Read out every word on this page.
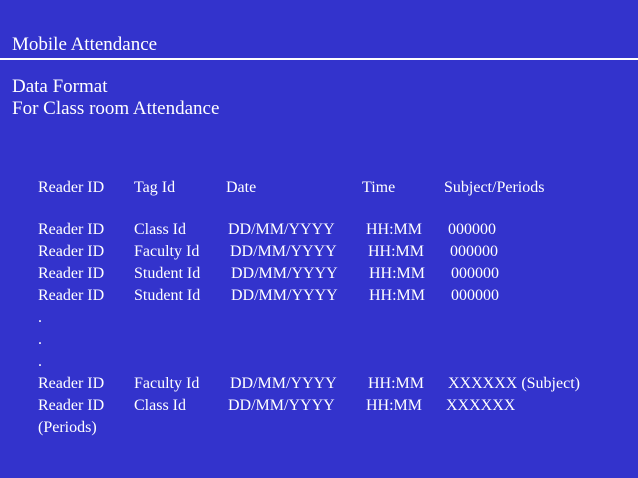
Mobile Attendance
Data Format
For Class room Attendance
Reader ID Tag Id	Date	Time	Subject/Periods
Reader ID Class Id	DD/MM/YYYY HH:MM 000000
Reader ID Faculty Id DD/MM/YYYY HH:MM 000000
Reader ID Student Id DD/MM/YYYY HH:MM 000000
Reader ID Student Id DD/MM/YYYY HH:MM 000000
.
.
.
Reader ID Faculty Id DD/MM/YYYY HH:MM XXXXXX (Subject)
Reader ID Class Id	DD/MM/YYYY HH:MM XXXXXX
(Periods)
